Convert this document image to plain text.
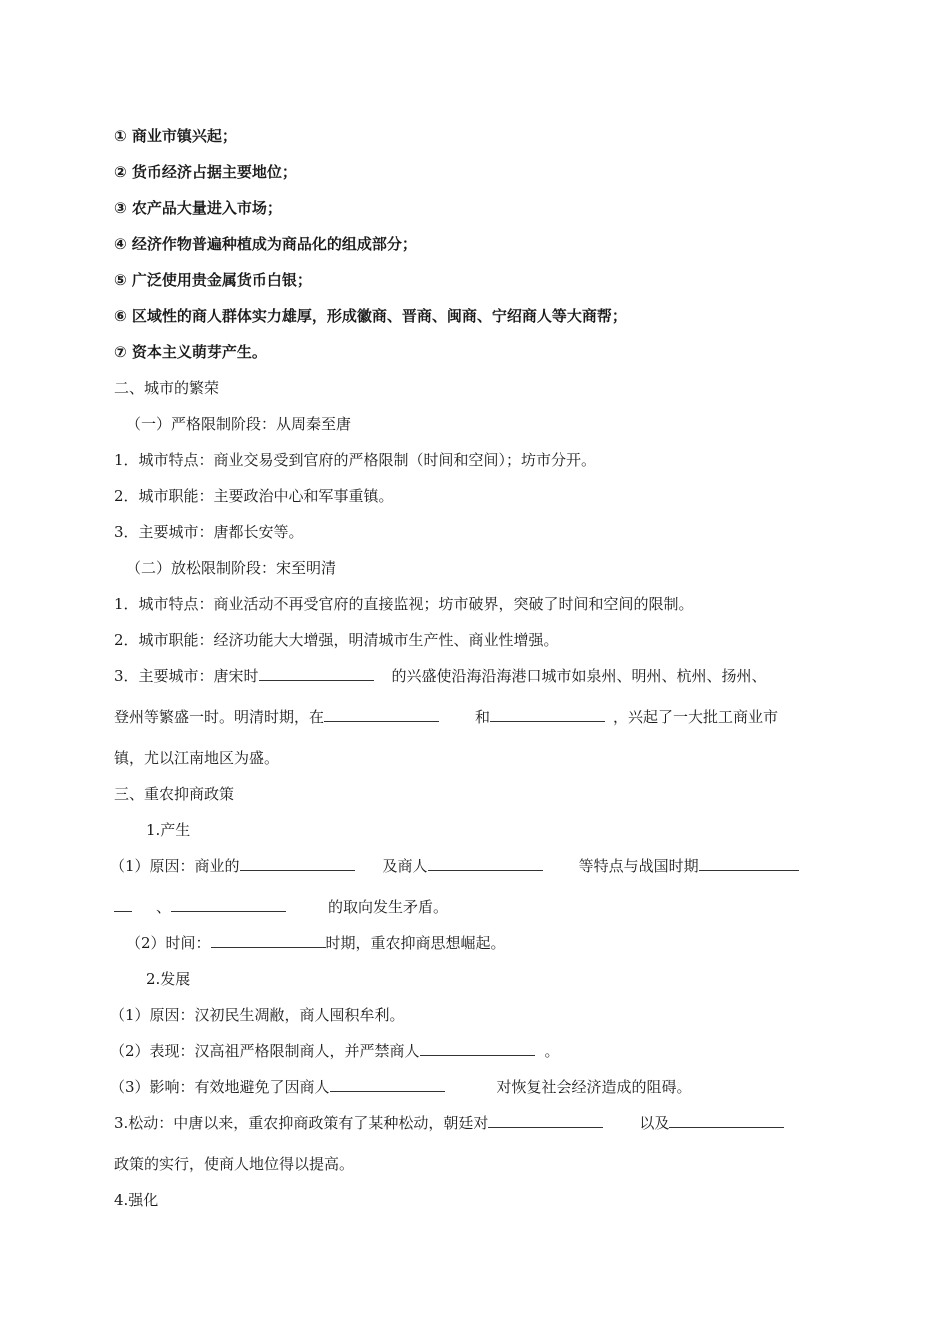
① 商业市镇兴起；
② 货币经济占据主要地位；
③ 农产品大量进入市场；
④ 经济作物普遍种植成为商品化的组成部分；
⑤ 广泛使用贵金属货币白银；
⑥ 区域性的商人群体实力雄厚，形成徽商、晋商、闽商、宁绍商人等大商帮；
⑦ 资本主义萌芽产生。
二、城市的繁荣
（一）严格限制阶段：从周秦至唐
1．城市特点：商业交易受到官府的严格限制（时间和空间）；坊市分开。
2．城市职能：主要政治中心和军事重镇。
3．主要城市：唐都长安等。
（二）放松限制阶段：宋至明清
1．城市特点：商业活动不再受官府的直接监视；坊市破界，突破了时间和空间的限制。
2．城市职能：经济功能大大增强，明清城市生产性、商业性增强。
3．主要城市：唐宋时	的兴盛使沿海沿海港口城市如泉州、明州、杭州、扬州、
登州等繁盛一时。明清时期，在	和	，兴起了一大批工商业市
镇，尤以江南地区为盛。
三、重农抑商政策
1.产生
（1）原因：商业的	及商人	等特点与战国时期
、	的取向发生矛盾。
（2）时间：	时期，重农抑商思想崛起。
2.发展
（1）原因：汉初民生凋敝，商人囤积牟利。
（2）表现：汉高祖严格限制商人，并严禁商人	。
（3）影响：有效地避免了因商人	对恢复社会经济造成的阻碍。
3.松动：中唐以来，重农抑商政策有了某种松动，朝廷对	以及
政策的实行，使商人地位得以提高。
4.强化
